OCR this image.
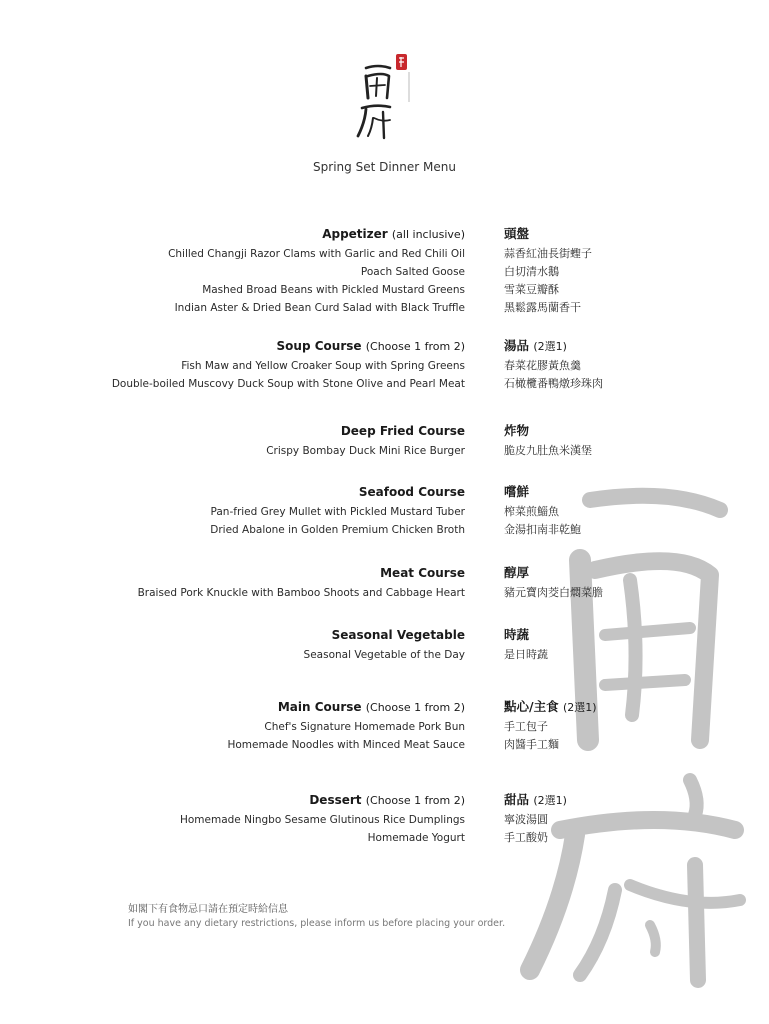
Spring Set Dinner Menu
Appetizer (all inclusive)
Chilled Changji Razor Clams with Garlic and Red Chili Oil
Poach Salted Goose
Mashed Broad Beans with Pickled Mustard Greens
Indian Aster & Dried Bean Curd Salad with Black Truffle
頭盤
蒜香紅油長街蟶子
白切清水鵝
雪菜豆瓣酥
黑鬆露馬蘭香干
Soup Course (Choose 1 from 2)
Fish Maw and Yellow Croaker Soup with Spring Greens
Double-boiled Muscovy Duck Soup with Stone Olive and Pearl Meat
湯品 (2選1)
春菜花膠黃魚羹
石橄欖番鴨燉珍珠肉
Deep Fried Course
Crispy Bombay Duck Mini Rice Burger
炸物
脆皮九肚魚米漢堡
Seafood Course
Pan-fried Grey Mullet with Pickled Mustard Tuber
Dried Abalone in Golden Premium Chicken Broth
嚐鮮
榨菜煎鯔魚
金湯扣南非乾鮑
Meat Course
Braised Pork Knuckle with Bamboo Shoots and Cabbage Heart
醇厚
豬元寶肉茭白燜菜膽
Seasonal Vegetable
Seasonal Vegetable of the Day
時蔬
是日時蔬
Main Course (Choose 1 from 2)
Chef's Signature Homemade Pork Bun
Homemade Noodles with Minced Meat Sauce
點心/主食 (2選1)
手工包子
肉醬手工麵
Dessert (Choose 1 from 2)
Homemade Ningbo Sesame Glutinous Rice Dumplings
Homemade Yogurt
甜品 (2選1)
寧波湯圓
手工酸奶
如閣下有食物忌口請在預定時給信息
If you have any dietary restrictions, please inform us before placing your order.
